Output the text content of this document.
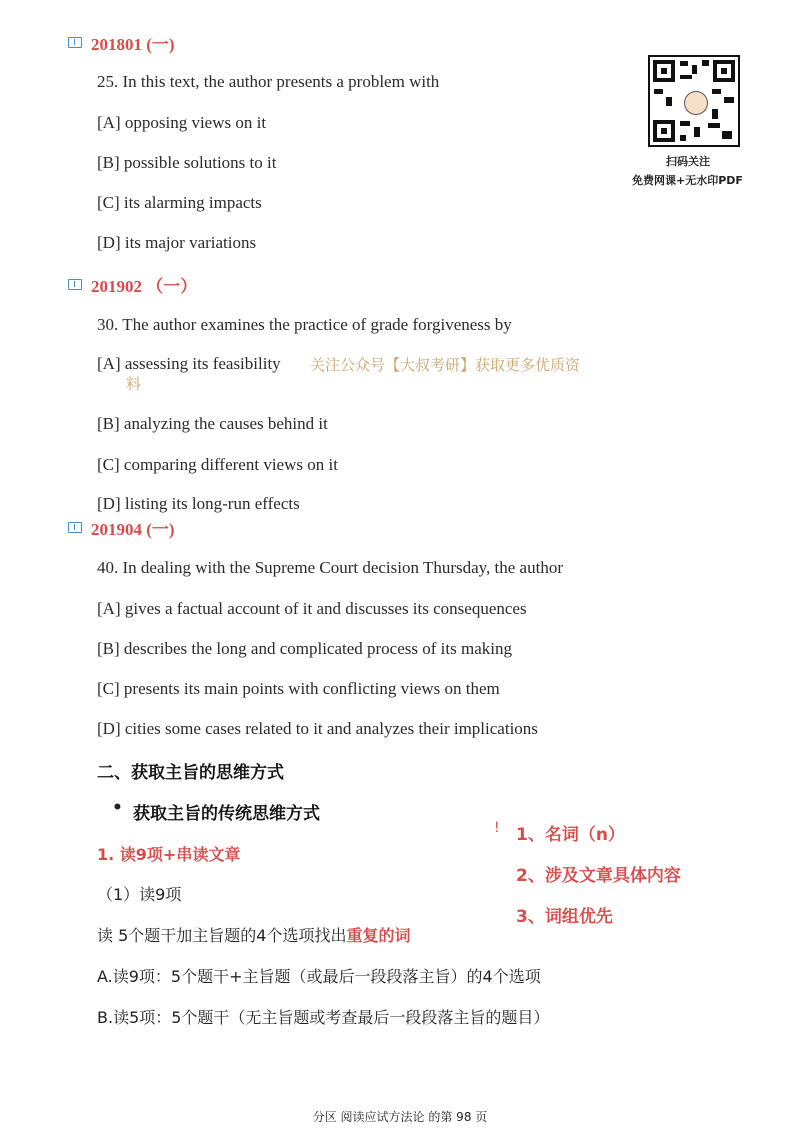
201801 (一)
25. In this text, the author presents a problem with
[A] opposing views on it
[B] possible solutions to it
[C] its alarming impacts
[D] its major variations
扫码关注
免费网课+无水印PDF
201902 （一）
30. The author examines the practice of grade forgiveness by
[A] assessing its feasibility 关注公众号【大叔考研】获取更多优质资
料
[B] analyzing the causes behind it
[C] comparing different views on it
[D] listing its long-run effects
201904 (一)
40. In dealing with the Supreme Court decision Thursday, the author
[A] gives a factual account of it and discusses its consequences
[B] describes the long and complicated process of its making
[C] presents its main points with conflicting views on them
[D] cities some cases related to it and analyzes their implications
二、获取主旨的思维方式
• 获取主旨的传统思维方式
1. 读9项+串读文章
（1）读9项
读 5个题干加主旨题的4个选项找出重复的词
A.读9项：5个题干+主旨题（或最后一段段落主旨）的4个选项
B.读5项：5个题干（无主旨题或考查最后一段段落主旨的题目）
! 1、名词（n）
2、涉及文章具体内容
3、词组优先
分区 阅读应试方法论 的第 98 页
